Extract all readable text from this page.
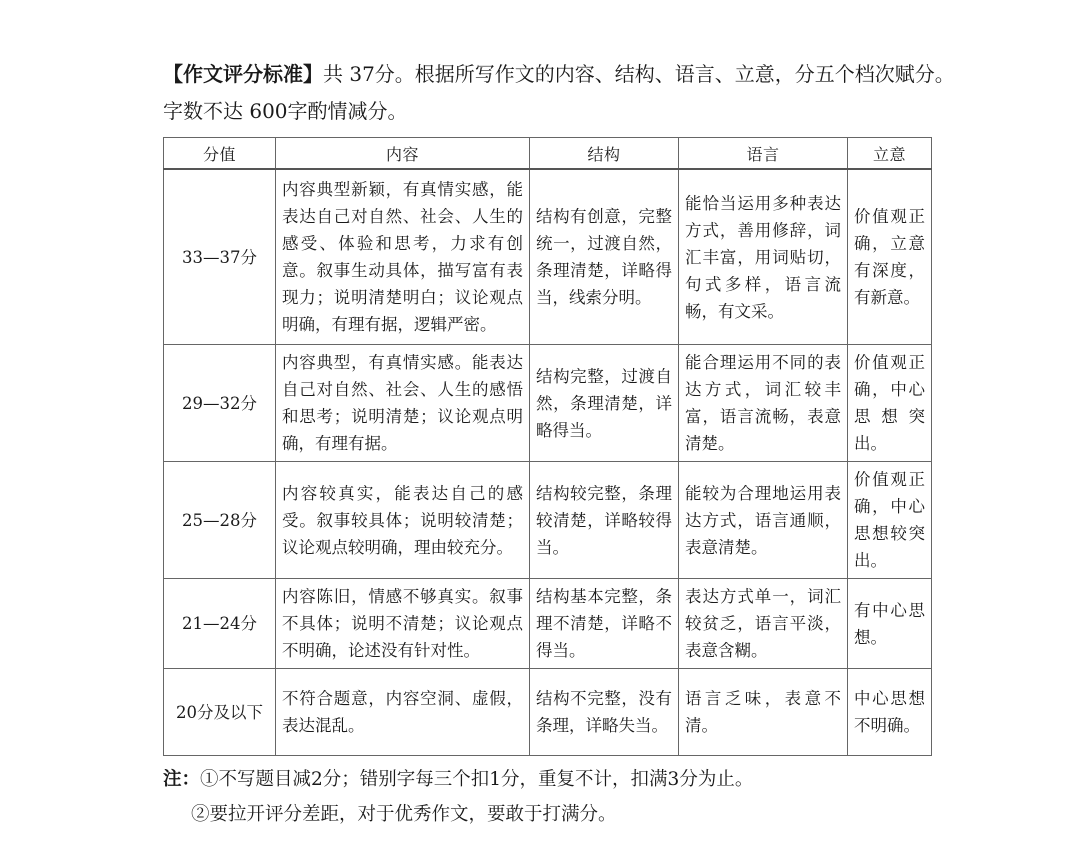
【作文评分标准】共 37分。根据所写作文的内容、结构、语言、立意，分五个档次赋分。

字数不达 600字酌情减分。

分值	内容	结构	语言	立意
33—37分	内容典型新颖，有真情实感，能表达自己对自然、社会、人生的感受、体验和思考，力求有创意。叙事生动具体，描写富有表现力；说明清楚明白；议论观点明确，有理有据，逻辑严密。	结构有创意，完整统一，过渡自然，条理清楚，详略得当，线索分明。	能恰当运用多种表达方式，善用修辞，词汇丰富，用词贴切，句式多样，语言流畅，有文采。	价值观正确，立意有深度，有新意。
29—32分	内容典型，有真情实感。能表达自己对自然、社会、人生的感悟和思考；说明清楚；议论观点明确，有理有据。	结构完整，过渡自然，条理清楚，详略得当。	能合理运用不同的表达方式，词汇较丰富，语言流畅，表意清楚。	价值观正确，中心思想突出。
25—28分	内容较真实，能表达自己的感受。叙事较具体；说明较清楚；议论观点较明确，理由较充分。	结构较完整，条理较清楚，详略较得当。	能较为合理地运用表达方式，语言通顺，表意清楚。	价值观正确，中心思想较突出。
21—24分	内容陈旧，情感不够真实。叙事不具体；说明不清楚；议论观点不明确，论述没有针对性。	结构基本完整，条理不清楚，详略不得当。	表达方式单一，词汇较贫乏，语言平淡，表意含糊。	有中心思想。
20分及以下	不符合题意，内容空洞、虚假，表达混乱。	结构不完整，没有条理，详略失当。	语言乏味，表意不清。	中心思想不明确。

注：①不写题目减2分；错别字每三个扣1分，重复不计，扣满3分为止。

②要拉开评分差距，对于优秀作文，要敢于打满分。
